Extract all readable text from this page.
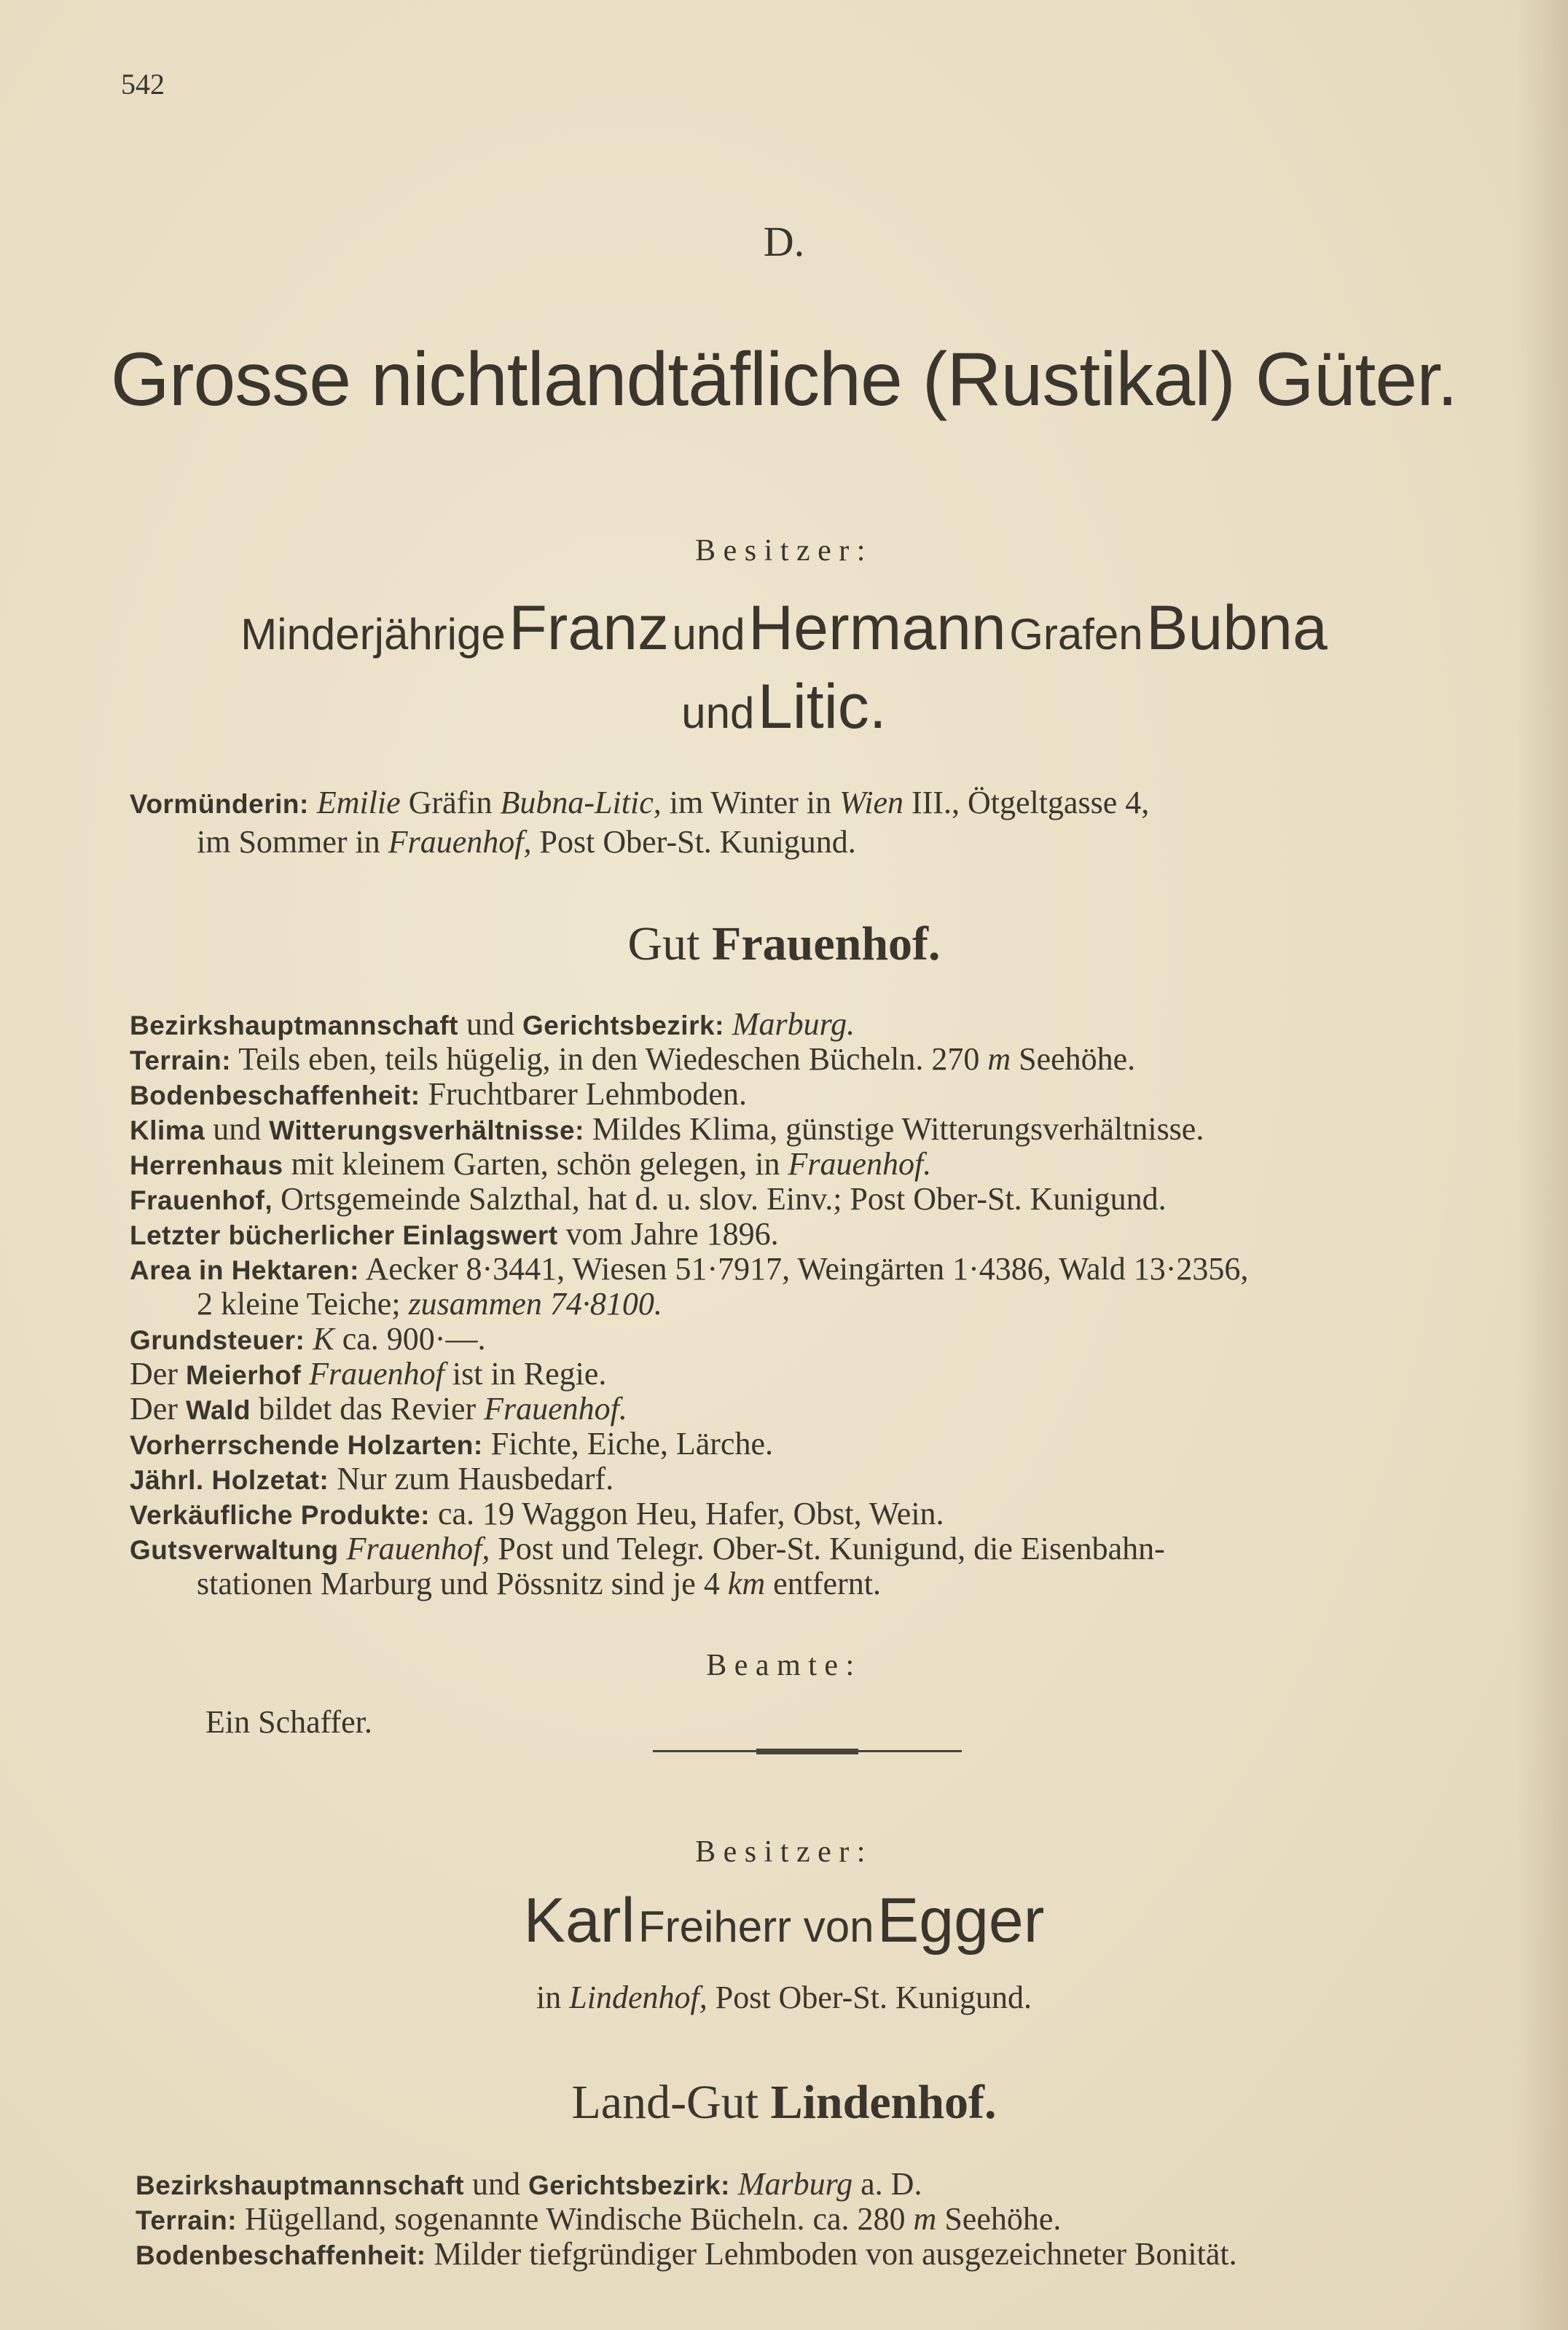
542
D.
Grosse nichtlandtäfliche (Rustikal) Güter.
Besitzer:
Minderjährige Franz und Hermann Grafen Bubna
und Litic.
Vormünderin: Emilie Gräfin Bubna-Litic, im Winter in Wien III., Ötgeltgasse 4,
im Sommer in Frauenhof, Post Ober-St. Kunigund.
Gut Frauenhof.
Bezirkshauptmannschaft und Gerichtsbezirk: Marburg.
Terrain: Teils eben, teils hügelig, in den Wiedeschen Bücheln. 270 m Seehöhe.
Bodenbeschaffenheit: Fruchtbarer Lehmboden.
Klima und Witterungsverhältnisse: Mildes Klima, günstige Witterungsverhältnisse.
Herrenhaus mit kleinem Garten, schön gelegen, in Frauenhof.
Frauenhof, Ortsgemeinde Salzthal, hat d. u. slov. Einv.; Post Ober-St. Kunigund.
Letzter bücherlicher Einlagswert vom Jahre 1896.
Area in Hektaren: Aecker 8·3441, Wiesen 51·7917, Weingärten 1·4386, Wald 13·2356,
2 kleine Teiche; zusammen 74·8100.
Grundsteuer: K ca. 900·—.
Der Meierhof Frauenhof ist in Regie.
Der Wald bildet das Revier Frauenhof.
Vorherrschende Holzarten: Fichte, Eiche, Lärche.
Jährl. Holzetat: Nur zum Hausbedarf.
Verkäufliche Produkte: ca. 19 Waggon Heu, Hafer, Obst, Wein.
Gutsverwaltung Frauenhof, Post und Telegr. Ober-St. Kunigund, die Eisenbahn-
stationen Marburg und Pössnitz sind je 4 km entfernt.
Beamte:
Ein Schaffer.
Besitzer:
Karl Freiherr von Egger
in Lindenhof, Post Ober-St. Kunigund.
Land-Gut Lindenhof.
Bezirkshauptmannschaft und Gerichtsbezirk: Marburg a. D.
Terrain: Hügelland, sogenannte Windische Bücheln. ca. 280 m Seehöhe.
Bodenbeschaffenheit: Milder tiefgründiger Lehmboden von ausgezeichneter Bonität.
